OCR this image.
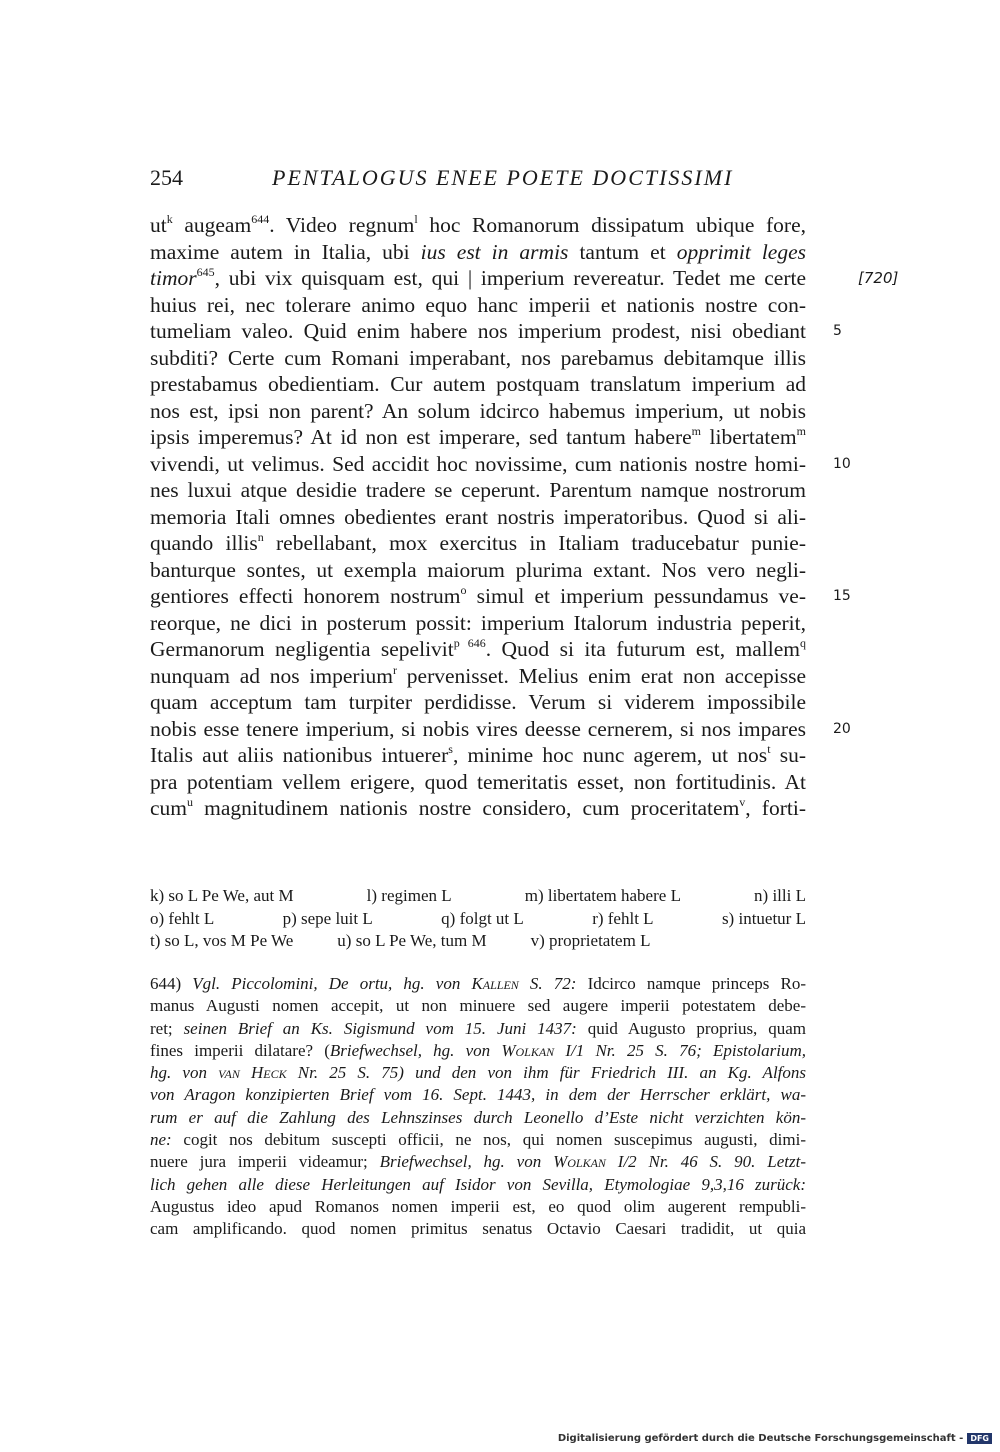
254	PENTALOGUS ENEE POETE DOCTISSIMI
$ut^k$ augeam$^{644}$. Video regnum$^l$ hoc Romanorum dissipatum ubique fore,
maxime autem in Italia, ubi ius est in armis tantum et opprimit leges
timor$^{645}$, ubi vix quisquam est, qui | imperium revereatur. Tedet me certe	[720]
huius rei, nec tolerare animo equo hanc imperii et nationis nostre con-
tumeliam valeo. Quid enim habere nos imperium prodest, nisi obediant 5
subditi? Certe cum Romani imperabant, nos parebamus debitamque illis
prestabamus obedientiam. Cur autem postquam translatum imperium ad
nos est, ipsi non parent? An solum idcirco habemus imperium, ut nobis
ipsis imperemus? At id non est imperare, sed tantum habere$^m$ libertatem$^m$
vivendi, ut velimus. Sed accidit hoc novissime, cum nationis nostre homi- 10
nes luxui atque desidie tradere se ceperunt. Parentum namque nostrorum
memoria Itali omnes obedientes erant nostris imperatoribus. Quod si ali-
quando illis$^n$ rebellabant, mox exercitus in Italiam traducebatur punie-
banturque sontes, ut exempla maiorum plurima extant. Nos vero negli-
gentiores effecti honorem nostrum$^o$ simul et imperium pessundamus ve- 15
reorque, ne dici in posterum possit: imperium Italorum industria peperit,
Germanorum negligentia sepelivit$^{p 646}$. Quod si ita futurum est, mallem$^q$
nunquam ad nos imperium$^r$ pervenisset. Melius enim erat non accepisse
quam acceptum tam turpiter perdidisse. Verum si viderem impossibile
nobis esse tenere imperium, si nobis vires deesse cernerem, si nos impares 20
Italis aut aliis nationibus intuerer$^s$, minime hoc nunc agerem, ut nos$^t$ su-
pra potentiam vellem erigere, quod temeritatis esset, non fortitudinis. At
cum$^u$ magnitudinem nationis nostre considero, cum proceritatem$^v$, forti-
k) so L Pe We, aut M	l) regimen L	m) libertatem habere L	n) illi L
o) fehlt L	p) sepe luit L	q) folgt ut L	r) fehlt L	s) intuetur L
t) so L, vos M Pe We	u) so L Pe We, tum M	v) proprietatem L
644) Vgl. Piccolomini, De ortu, hg. von Kallen S. 72: Idcirco namque princeps Ro-
manus Augusti nomen accepit, ut non minuere sed augere imperii potestatem debe-
ret; seinen Brief an Ks. Sigismund vom 15. Juni 1437: quid Augusto proprius, quam
fines imperii dilatare? (Briefwechsel, hg. von Wolkan I/1 Nr. 25 S. 76; Epistolarium,
hg. von van Heck Nr. 25 S. 75) und den von ihm für Friedrich III. an Kg. Alfons
von Aragon konzipierten Brief vom 16. Sept. 1443, in dem der Herrscher erklärt, wa-
rum er auf die Zahlung des Lehnszinses durch Leonello d’Este nicht verzichten kön-
ne: cogit nos debitum suscepti officii, ne nos, qui nomen suscepimus augusti, dimi-
nuere jura imperii videamur; Briefwechsel, hg. von Wolkan I/2 Nr. 46 S. 90. Letzt-
lich gehen alle diese Herleitungen auf Isidor von Sevilla, Etymologiae 9,3,16 zurück:
Augustus ideo apud Romanos nomen imperii est, eo quod olim augerent rempubli-
cam amplificando. quod nomen primitus senatus Octavio Caesari tradidit, ut quia
Digitalisierung gefördert durch die Deutsche Forschungsgemeinschaft - DFG
